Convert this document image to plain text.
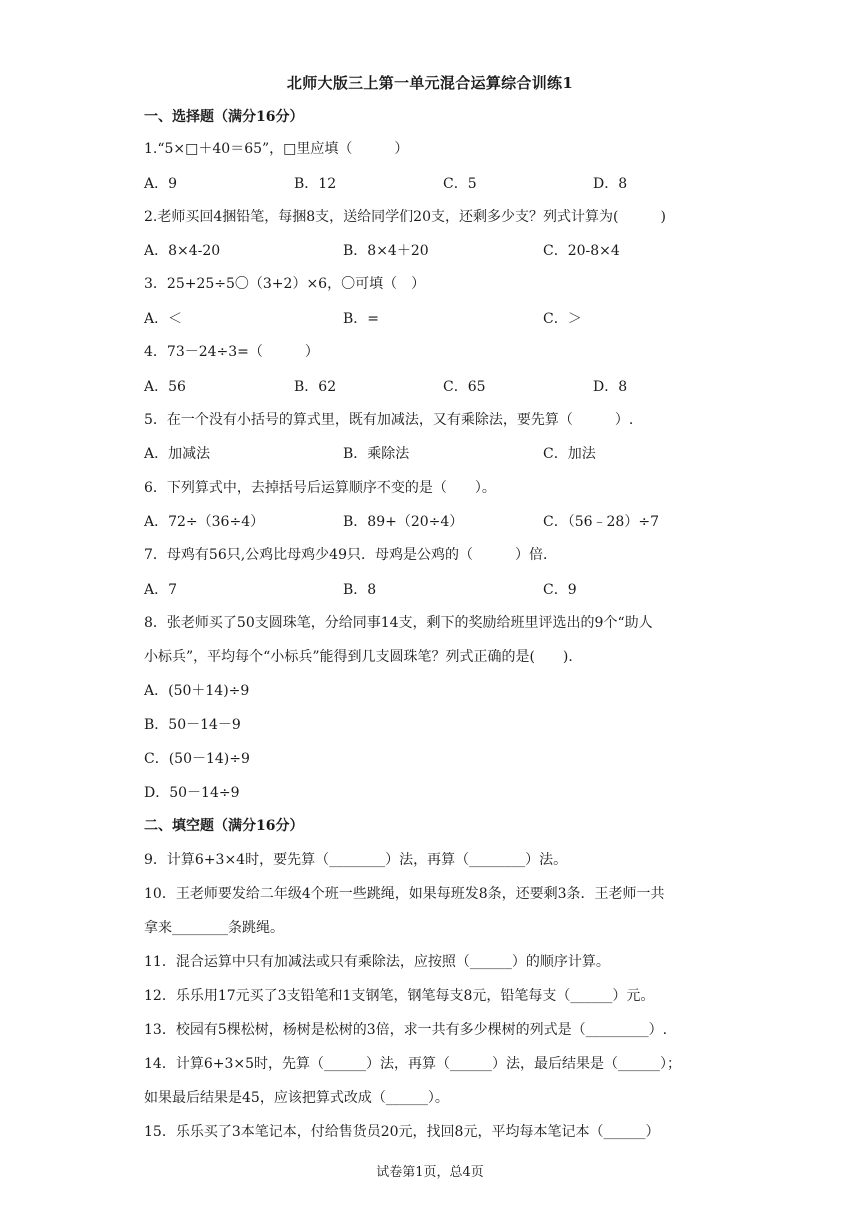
北师大版三上第一单元混合运算综合训练1
一、选择题（满分16分）
1.“5×□＋40＝65”，□里应填（　　　）
A．9	B．12	C．5	D．8
2.老师买回4捆铅笔，每捆8支，送给同学们20支，还剩多少支？列式计算为(　　　)
A．8×4-20	B．8×4＋20	C．20-8×4
3．25+25÷5〇（3+2）×6，〇可填（　）
A．＜	B．=	C．＞
4．73－24÷3=（　　　）
A．56	B．62	C．65	D．8
5．在一个没有小括号的算式里，既有加减法，又有乘除法，要先算（　　　）.
A．加减法	B．乘除法	C．加法
6．下列算式中，去掉括号后运算顺序不变的是（　　）。
A．72÷（36÷4）	B．89+（20÷4）	C．（56﹣28）÷7
7．母鸡有56只,公鸡比母鸡少49只．母鸡是公鸡的（　　　）倍．
A．7	B．8	C．9
8．张老师买了50支圆珠笔，分给同事14支，剩下的奖励给班里评选出的9个“助人
小标兵”，平均每个“小标兵”能得到几支圆珠笔？列式正确的是(　　)．
A．(50＋14)÷9
B．50－14－9
C．(50－14)÷9
D．50－14÷9
二、填空题（满分16分）
9．计算6+3×4时，要先算（________）法，再算（________）法。
10．王老师要发给二年级4个班一些跳绳，如果每班发8条，还要剩3条．王老师一共
拿来________条跳绳。
11．混合运算中只有加减法或只有乘除法，应按照（______）的顺序计算。
12．乐乐用17元买了3支铅笔和1支钢笔，钢笔每支8元，铅笔每支（______）元。
13．校园有5棵松树，杨树是松树的3倍，求一共有多少棵树的列式是（_________）.
14．计算6+3×5时，先算（______）法，再算（______）法，最后结果是（______）；
如果最后结果是45，应该把算式改成（______）。
15．乐乐买了3本笔记本，付给售货员20元，找回8元，平均每本笔记本（______）
试卷第1页，总4页
